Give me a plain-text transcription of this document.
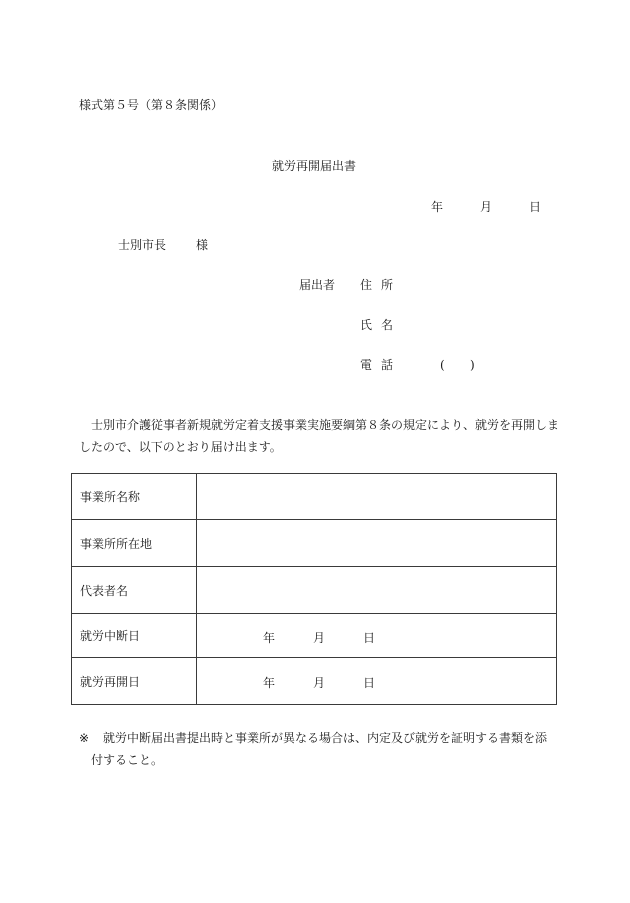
様式第５号（第８条関係）
就労再開届出書
年	月	日
士別市長	様
届出者 住所
氏名
電話	( )
士別市介護従事者新規就労定着支援事業実施要綱第８条の規定により、就労を再開しましたので、以下のとおり届け出ます。
事業所名称	
事業所所在地	
代表者名	
就労中断日	年 月 日

就労再開日	年 月 日
※ 就労中断届出書提出時と事業所が異なる場合は、内定及び就労を証明する書類を添
付すること。
